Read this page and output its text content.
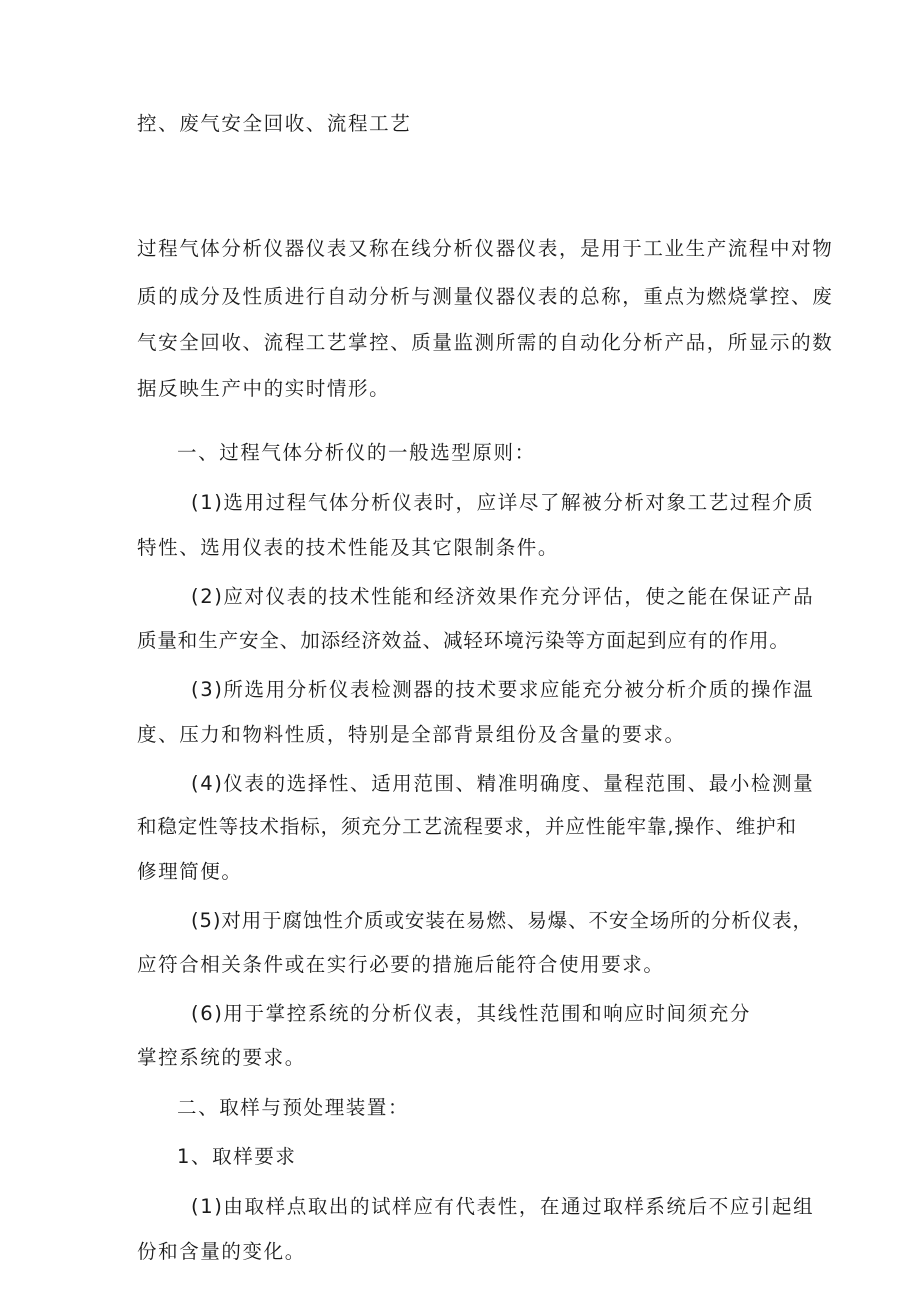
控、废气安全回收、流程工艺
过程气体分析仪器仪表又称在线分析仪器仪表，是用于工业生产流程中对物
质的成分及性质进行自动分析与测量仪器仪表的总称，重点为燃烧掌控、废
气安全回收、流程工艺掌控、质量监测所需的自动化分析产品，所显示的数
据反映生产中的实时情形。
一、过程气体分析仪的一般选型原则：
(1)选用过程气体分析仪表时，应详尽了解被分析对象工艺过程介质
特性、选用仪表的技术性能及其它限制条件。
(2)应对仪表的技术性能和经济效果作充分评估，使之能在保证产品
质量和生产安全、加添经济效益、减轻环境污染等方面起到应有的作用。
(3)所选用分析仪表检测器的技术要求应能充分被分析介质的操作温
度、压力和物料性质，特别是全部背景组份及含量的要求。
(4)仪表的选择性、适用范围、精准明确度、量程范围、最小检测量
和稳定性等技术指标，须充分工艺流程要求，并应性能牢靠,操作、维护和
修理简便。
(5)对用于腐蚀性介质或安装在易燃、易爆、不安全场所的分析仪表，
应符合相关条件或在实行必要的措施后能符合使用要求。
(6)用于掌控系统的分析仪表，其线性范围和响应时间须充分
掌控系统的要求。
二、取样与预处理装置：
1、取样要求
(1)由取样点取出的试样应有代表性，在通过取样系统后不应引起组
份和含量的变化。
